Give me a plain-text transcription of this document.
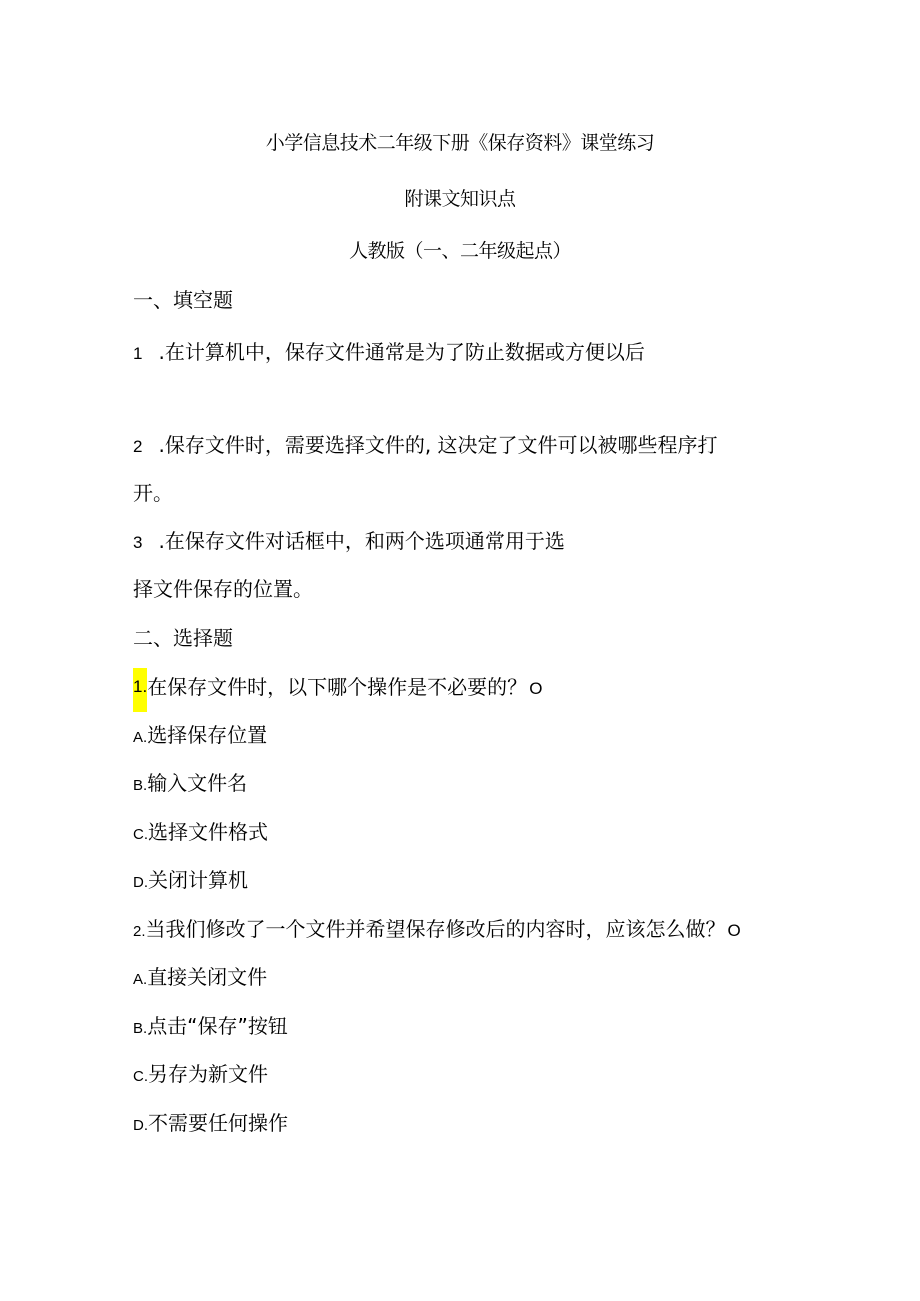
小学信息技术二年级下册《保存资料》课堂练习
附课文知识点
人教版（一、二年级起点）
一、填空题
1 .在计算机中，保存文件通常是为了防止数据或方便以后
2 .保存文件时，需要选择文件的, 这决定了文件可以被哪些程序打
开。
3 .在保存文件对话框中，和两个选项通常用于选
择文件保存的位置。
二、选择题
1.在保存文件时，以下哪个操作是不必要的？ O
A.选择保存位置
B.输入文件名
C.选择文件格式
D.关闭计算机
2.当我们修改了一个文件并希望保存修改后的内容时，应该怎么做？ O
A.直接关闭文件
B.点击“保存”按钮
C.另存为新文件
D.不需要任何操作
